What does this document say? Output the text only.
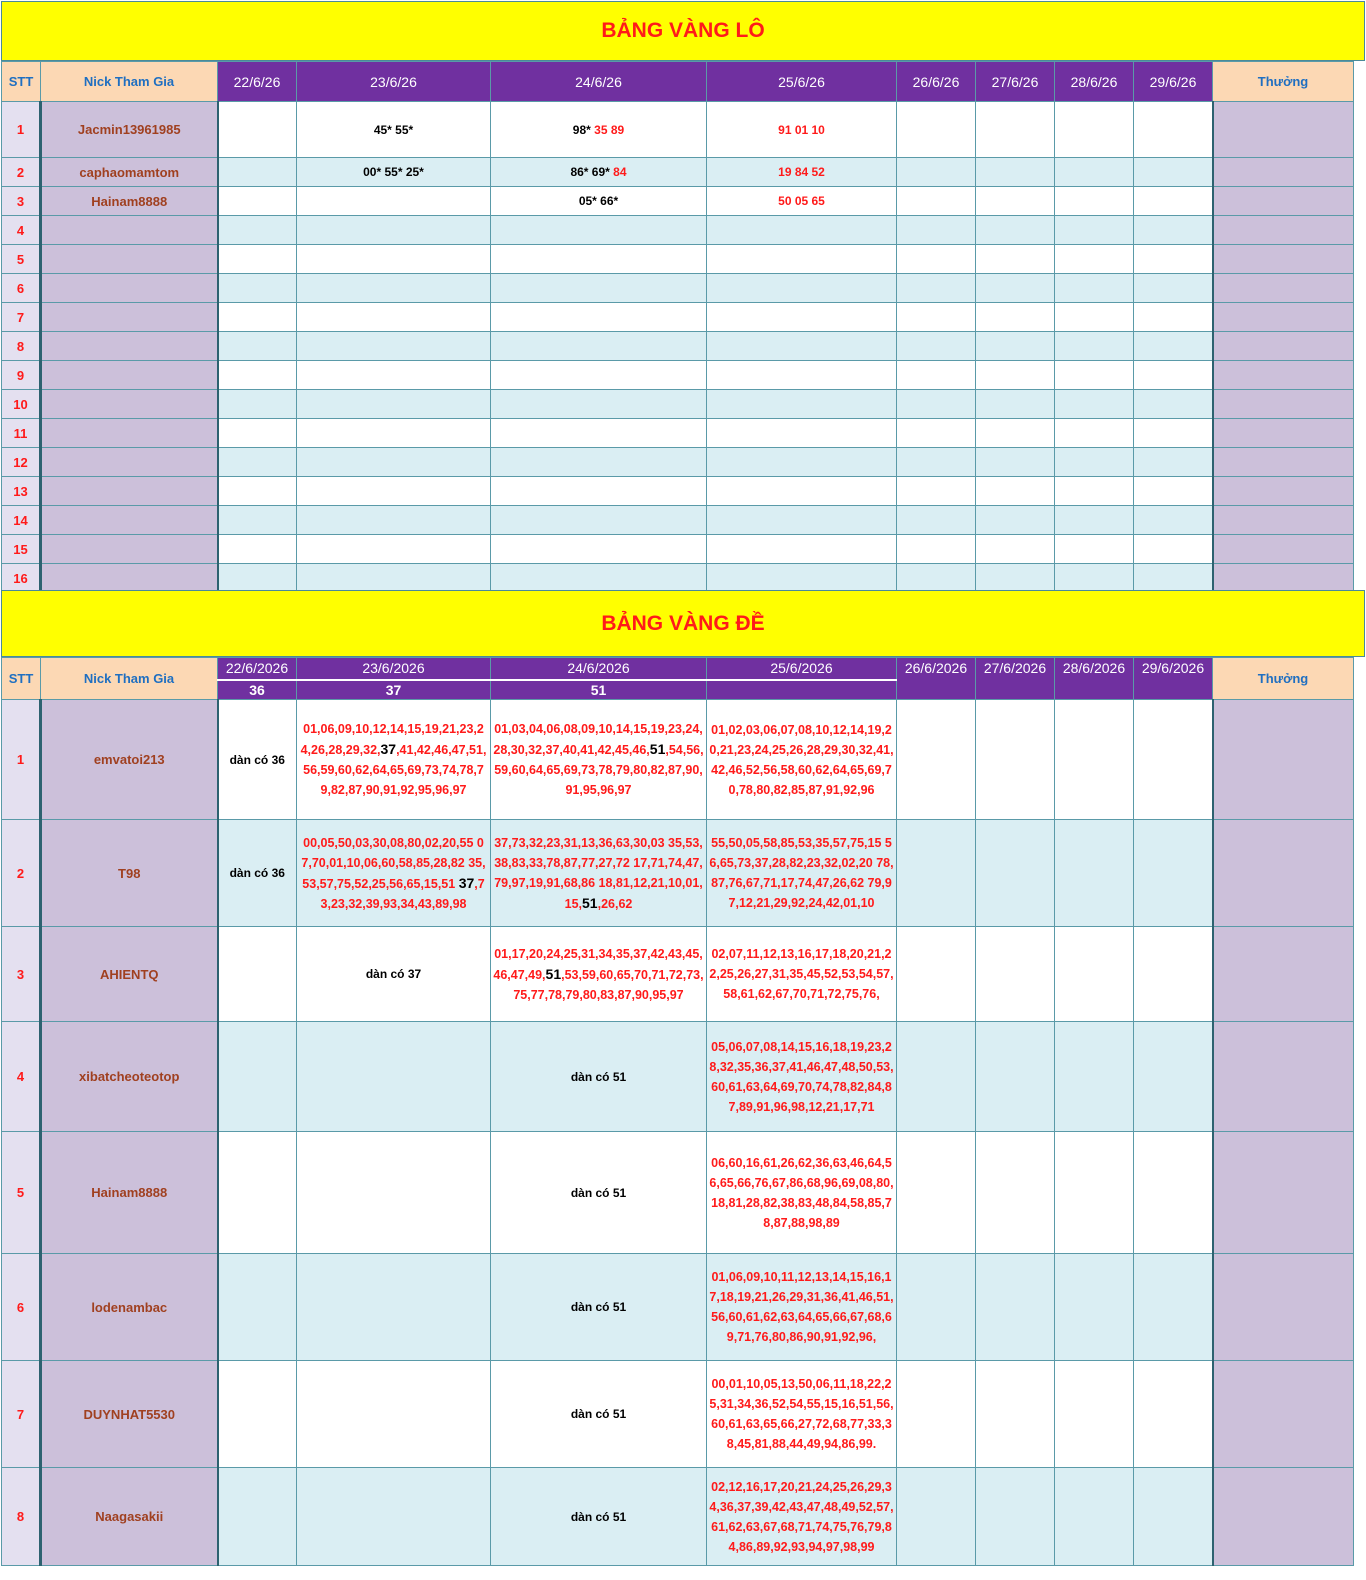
BẢNG VÀNG LÔ
STT	Nick Tham Gia	22/6/26	23/6/26	24/6/26	25/6/26	26/6/26	27/6/26	28/6/26	29/6/26	Thưởng
1	Jacmin13961985		45* 55*	98* 35 89	91 01 10					
2	caphaomamtom		00* 55* 25*	86* 69* 84	19 84 52					
3	Hainam8888			05* 66*	50 05 65					
4										
5										
6										
7										
8										
9										
10										
11										
12										
13										
14										
15										
16										
BẢNG VÀNG ĐỀ
STT	Nick Tham Gia	22/6/2026	23/6/2026	24/6/2026	25/6/2026	26/6/2026	27/6/2026	28/6/2026	29/6/2026	Thưởng
		36	37	51						
1	emvatoi213	dàn có 36	01,06,09,10,12,14,15,19,21,23,24,26,28,29,32,37,41,42,46,47,51,56,59,60,62,64,65,69,73,74,78,79,82,87,90,91,92,95,96,97	01,03,04,06,08,09,10,14,15,19,23,24,28,30,32,37,40,41,42,45,46,51,54,56,59,60,64,65,69,73,78,79,80,82,87,90,91,95,96,97	01,02,03,06,07,08,10,12,14,19,20,21,23,24,25,26,28,29,30,32,41,42,46,52,56,58,60,62,64,65,69,70,78,80,82,85,87,91,92,96					
2	T98	dàn có 36	00,05,50,03,30,08,80,02,20,55 07,70,01,10,06,60,58,85,28,82 35,53,57,75,52,25,56,65,15,51 37,73,23,32,39,93,34,43,89,98	37,73,32,23,31,13,36,63,30,03 35,53,38,83,33,78,87,77,27,72 17,71,74,47,79,97,19,91,68,86 18,81,12,21,10,01,15,51,26,62	55,50,05,58,85,53,35,57,75,15 56,65,73,37,28,82,23,32,02,20 78,87,76,67,71,17,74,47,26,62 79,97,12,21,29,92,24,42,01,10					
3	AHIENTQ		dàn có 37	01,17,20,24,25,31,34,35,37,42,43,45,46,47,49,51,53,59,60,65,70,71,72,73,75,77,78,79,80,83,87,90,95,97	02,07,11,12,13,16,17,18,20,21,22,25,26,27,31,35,45,52,53,54,57,58,61,62,67,70,71,72,75,76,					
4	xibatcheoteotop			dàn có 51	05,06,07,08,14,15,16,18,19,23,28,32,35,36,37,41,46,47,48,50,53,60,61,63,64,69,70,74,78,82,84,87,89,91,96,98,12,21,17,71					
5	Hainam8888			dàn có 51	06,60,16,61,26,62,36,63,46,64,56,65,66,76,67,86,68,96,69,08,80,18,81,28,82,38,83,48,84,58,85,78,87,88,98,89					
6	lodenambac			dàn có 51	01,06,09,10,11,12,13,14,15,16,17,18,19,21,26,29,31,36,41,46,51,56,60,61,62,63,64,65,66,67,68,69,71,76,80,86,90,91,92,96,					
7	DUYNHAT5530			dàn có 51	00,01,10,05,13,50,06,11,18,22,25,31,34,36,52,54,55,15,16,51,56,60,61,63,65,66,27,72,68,77,33,38,45,81,88,44,49,94,86,99.					
8	Naagasakii			dàn có 51	02,12,16,17,20,21,24,25,26,29,34,36,37,39,42,43,47,48,49,52,57,61,62,63,67,68,71,74,75,76,79,84,86,89,92,93,94,97,98,99					
